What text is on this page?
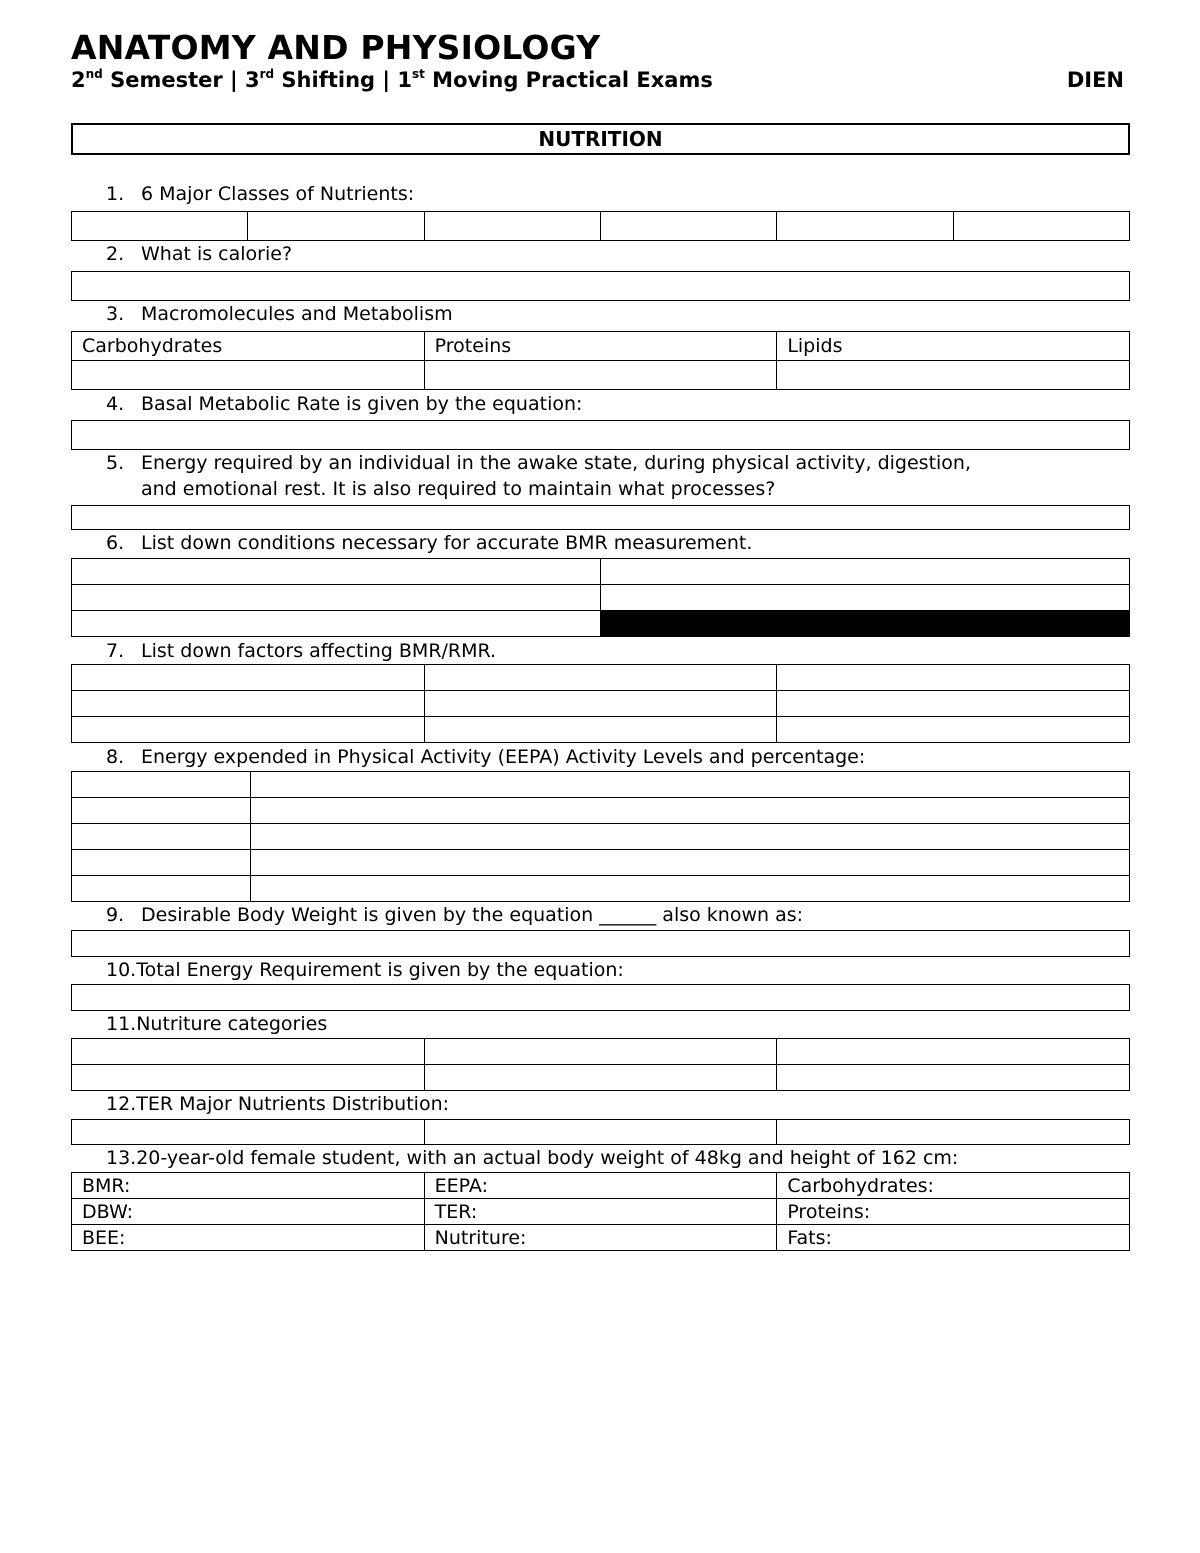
ANATOMY AND PHYSIOLOGY
2nd Semester | 3rd Shifting | 1st Moving Practical Exams	DIEN
NUTRITION
1. 6 Major Classes of Nutrients:

2. What is calorie?
3. Macromolecules and Metabolism
Carbohydrates	Proteins	Lipids

4. Basal Metabolic Rate is given by the equation:
5. Energy required by an individual in the awake state, during physical activity, digestion,
and emotional rest. It is also required to maintain what processes?
6. List down conditions necessary for accurate BMR measurement.

7. List down factors affecting BMR/RMR.

8. Energy expended in Physical Activity (EEPA) Activity Levels and percentage:

9. Desirable Body Weight is given by the equation ______ also known as:
10.Total Energy Requirement is given by the equation:
11.Nutriture categories

12.TER Major Nutrients Distribution:

13.20-year-old female student, with an actual body weight of 48kg and height of 162 cm:
BMR:	EEPA:	Carbohydrates:
DBW:	TER:	Proteins:
BEE:	Nutriture:	Fats:
